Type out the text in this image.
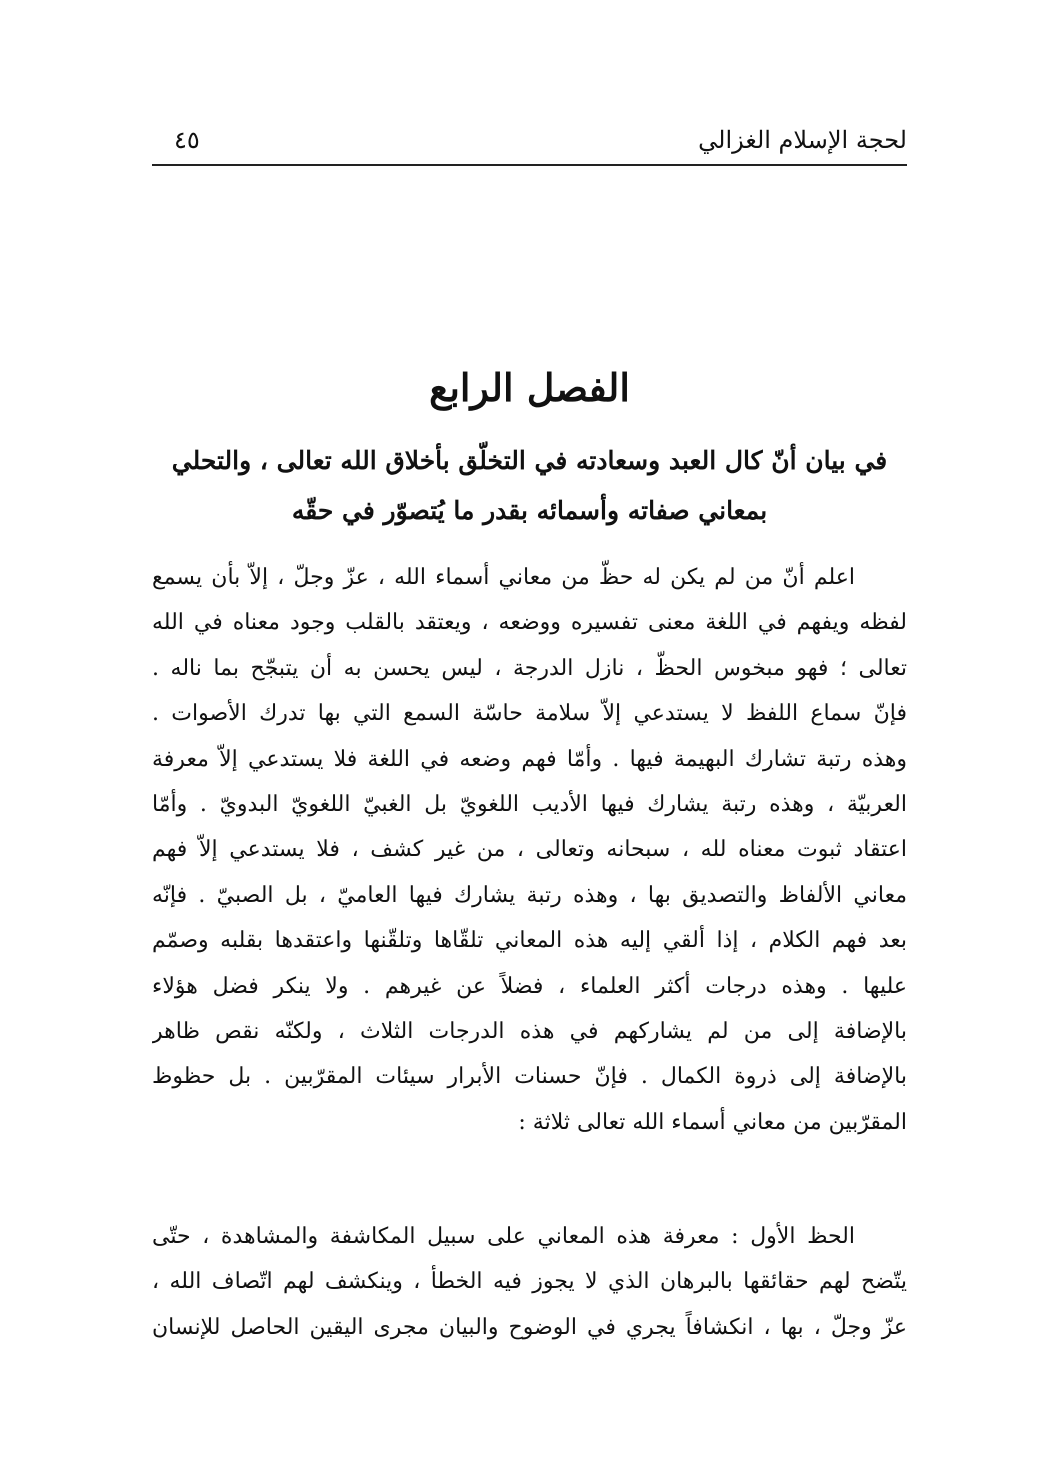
لحجة الإسلام الغزالي
٤٥
الفصل الرابع
في بيان أنّ كال العبد وسعادته في التخلّق بأخلاق الله تعالى ، والتحلي
بمعاني صفاته وأسمائه بقدر ما يُتصوّر في حقّه
اعلم أنّ من لم يكن له حظّ من معاني أسماء الله ، عزّ وجلّ ، إلاّ بأن يسمع
لفظه ويفهم في اللغة معنى تفسيره ووضعه ، ويعتقد بالقلب وجود معناه في الله
تعالى ؛ فهو مبخوس الحظّ ، نازل الدرجة ، ليس يحسن به أن يتبجّح بما ناله .
فإنّ سماع اللفظ لا يستدعي إلاّ سلامة حاسّة السمع التي بها تدرك الأصوات .
وهذه رتبة تشارك البهيمة فيها . وأمّا فهم وضعه في اللغة فلا يستدعي إلاّ معرفة
العربيّة ، وهذه رتبة يشارك فيها الأديب اللغويّ بل الغبيّ اللغويّ البدويّ . وأمّا
اعتقاد ثبوت معناه لله ، سبحانه وتعالى ، من غير كشف ، فلا يستدعي إلاّ فهم
معاني الألفاظ والتصديق بها ، وهذه رتبة يشارك فيها العاميّ ، بل الصبيّ . فإنّه
بعد فهم الكلام ، إذا ألقي إليه هذه المعاني تلقّاها وتلقّنها واعتقدها بقلبه وصمّم
عليها . وهذه درجات أكثر العلماء ، فضلاً عن غيرهم . ولا ينكر فضل هؤلاء
بالإضافة إلى من لم يشاركهم في هذه الدرجات الثلاث ، ولكنّه نقص ظاهر
بالإضافة إلى ذروة الكمال . فإنّ حسنات الأبرار سيئات المقرّبين . بل حظوظ
المقرّبين من معاني أسماء الله تعالى ثلاثة :
الحظ الأول : معرفة هذه المعاني على سبيل المكاشفة والمشاهدة ، حتّى
يتّضح لهم حقائقها بالبرهان الذي لا يجوز فيه الخطأ ، وينكشف لهم اتّصاف الله ،
عزّ وجلّ ، بها ، انكشافاً يجري في الوضوح والبيان مجرى اليقين الحاصل للإنسان
